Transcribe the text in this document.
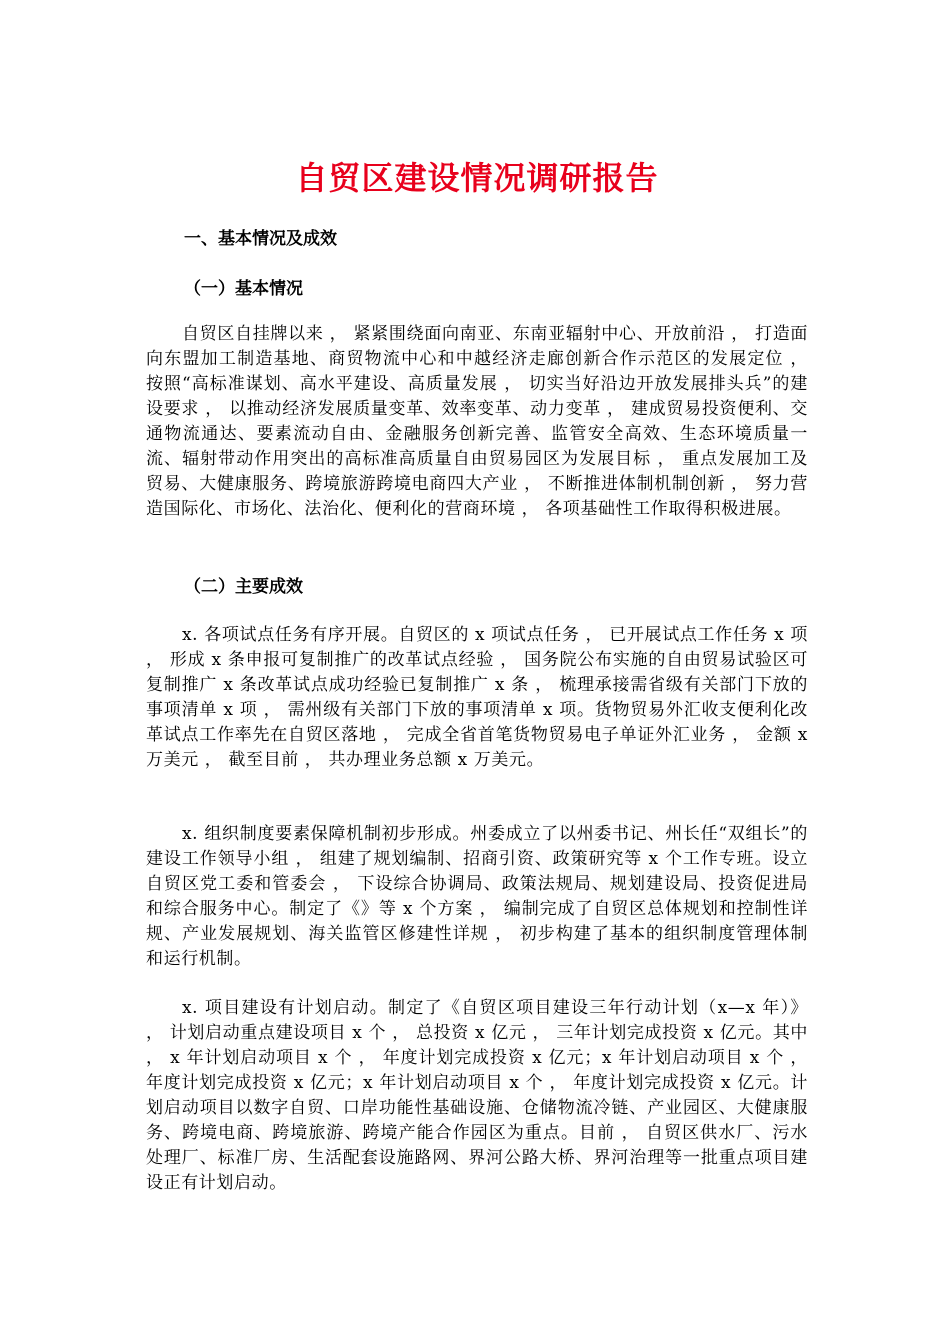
自贸区建设情况调研报告
一、基本情况及成效
（一）基本情况

自贸区自挂牌以来 ， 紧紧围绕面向南亚、东南亚辐射中心、开放前沿 ， 打造面向东盟加工制造基地、商贸物流中心和中越经济走廊创新合作示范区的发展定位 ， 按照“高标准谋划、高水平建设、高质量发展 ， 切实当好沿边开放发展排头兵”的建设要求 ， 以推动经济发展质量变革、效率变革、动力变革 ， 建成贸易投资便利、交通物流通达、要素流动自由、金融服务创新完善、监管安全高效、生态环境质量一流、辐射带动作用突出的高标准高质量自由贸易园区为发展目标 ， 重点发展加工及贸易、大健康服务、跨境旅游跨境电商四大产业 ， 不断推进体制机制创新 ， 努力营造国际化、市场化、法治化、便利化的营商环境 ， 各项基础性工作取得积极进展。

（二）主要成效

x. 各项试点任务有序开展。自贸区的 x 项试点任务 ， 已开展试点工作任务 x 项 ， 形成 x 条申报可复制推广的改革试点经验 ， 国务院公布实施的自由贸易试验区可复制推广 x 条改革试点成功经验已复制推广 x 条 ， 梳理承接需省级有关部门下放的事项清单 x 项 ， 需州级有关部门下放的事项清单 x 项。货物贸易外汇收支便利化改革试点工作率先在自贸区落地 ， 完成全省首笔货物贸易电子单证外汇业务 ， 金额 x 万美元 ， 截至目前 ， 共办理业务总额 x 万美元。

x. 组织制度要素保障机制初步形成。州委成立了以州委书记、州长任“双组长”的建设工作领导小组 ， 组建了规划编制、招商引资、政策研究等 x 个工作专班。设立自贸区党工委和管委会 ， 下设综合协调局、政策法规局、规划建设局、投资促进局和综合服务中心。制定了《》等 x 个方案 ， 编制完成了自贸区总体规划和控制性详规、产业发展规划、海关监管区修建性详规 ， 初步构建了基本的组织制度管理体制和运行机制。

x. 项目建设有计划启动。制定了《自贸区项目建设三年行动计划（x—x 年）》 ， 计划启动重点建设项目 x 个 ， 总投资 x 亿元 ， 三年计划完成投资 x 亿元。其中 ， x 年计划启动项目 x 个 ， 年度计划完成投资 x 亿元；x 年计划启动项目 x 个 ， 年度计划完成投资 x 亿元；x 年计划启动项目 x 个 ， 年度计划完成投资 x 亿元。计划启动项目以数字自贸、口岸功能性基础设施、仓储物流冷链、产业园区、大健康服务、跨境电商、跨境旅游、跨境产能合作园区为重点。目前 ， 自贸区供水厂、污水处理厂、标准厂房、生活配套设施路网、界河公路大桥、界河治理等一批重点项目建设正有计划启动。
